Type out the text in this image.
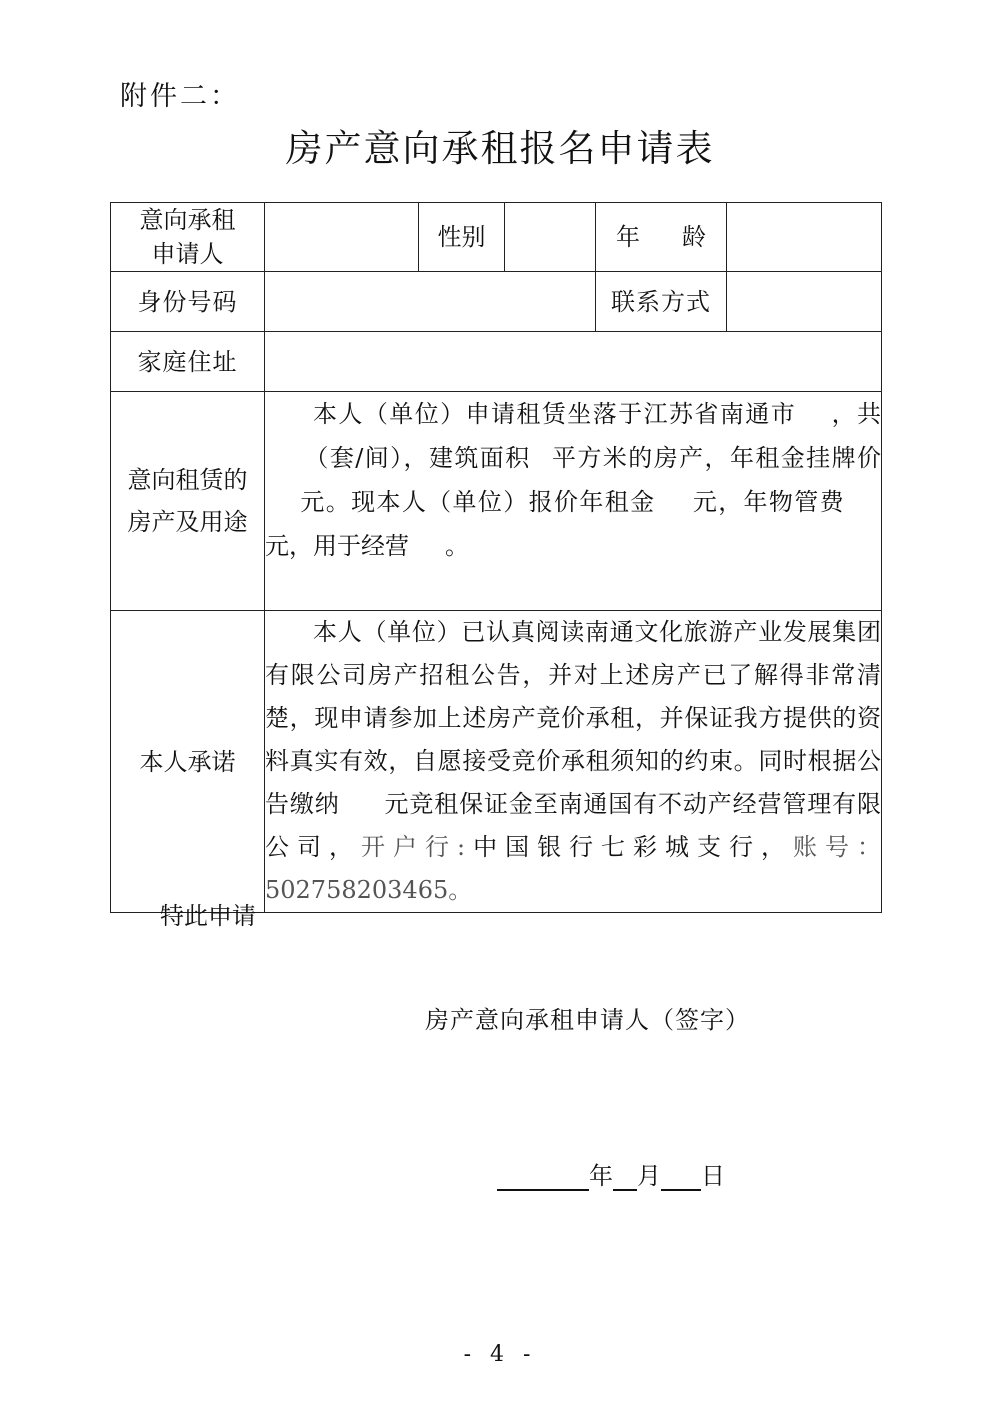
附件二：
房产意向承租报名申请表
意向承租
申请人		性别		年 龄	
身份号码				联系方式	
家庭住址					

意向租赁的
房产及用途	本人（单位）申请租赁坐落于江苏省南通市 ，共（套/间），建筑面积 平方米的房产，年租金挂牌价元。现本人（单位）报价年租金 元，年物管费元，用于经营 。				
本人承诺	本人（单位）已认真阅读南通文化旅游产业发展集团有限公司房产招租公告，并对上述房产已了解得非常清楚，现申请参加上述房产竞价承租，并保证我方提供的资料真实有效，自愿接受竞价承租须知的约束。同时根据公告缴纳 元竞租保证金至南通国有不动产经营管理有限公司，开户行:中国银行七彩城支行，账号：502758203465。				
特此申请
房产意向承租申请人（签字）
年 月 日
- 4 -
